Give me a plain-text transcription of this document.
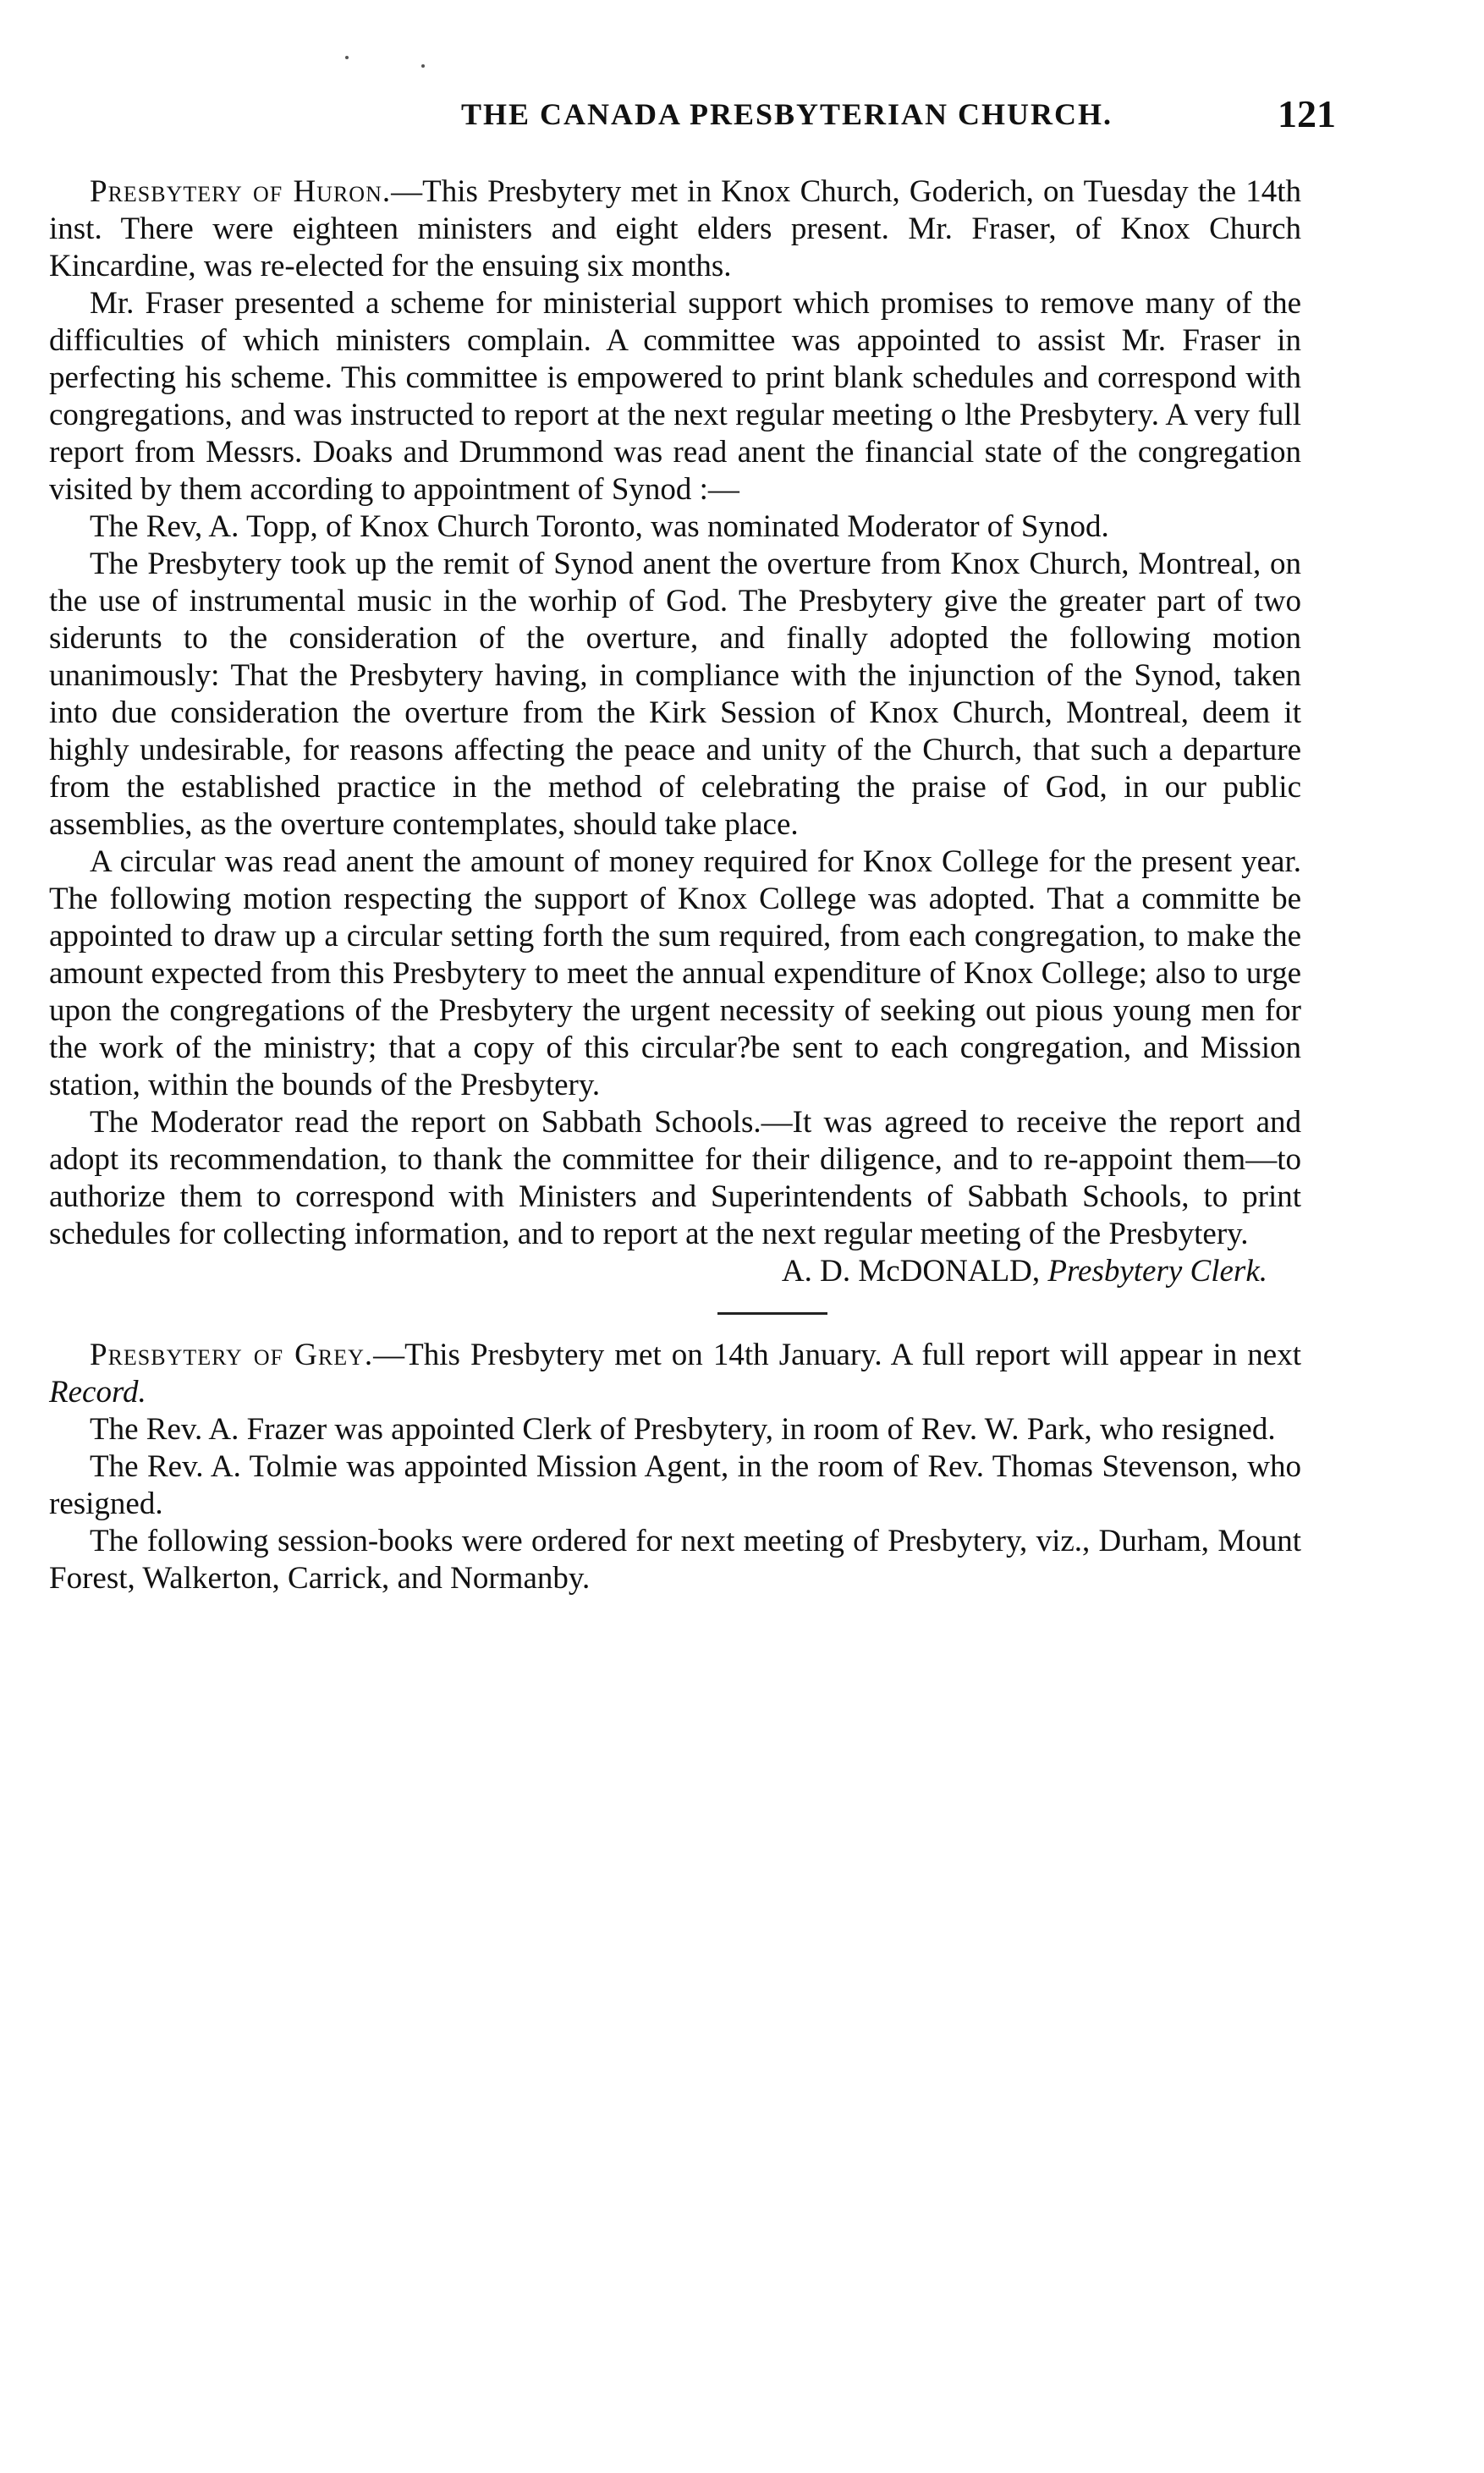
THE CANADA PRESBYTERIAN CHURCH.	121

Presbytery of Huron.—This Presbytery met in Knox Church, Goderich, on Tuesday the 14th inst. There were eighteen ministers and eight elders present. Mr. Fraser, of Knox Church Kincardine, was re-elected for the ensuing six months.

Mr. Fraser presented a scheme for ministerial support which promises to remove many of the difficulties of which ministers complain. A committee was appointed to assist Mr. Fraser in perfecting his scheme. This committee is empowered to print blank schedules and correspond with congregations, and was instructed to report at the next regular meeting o lthe Presbytery. A very full report from Messrs. Doaks and Drummond was read anent the financial state of the congregation visited by them according to appointment of Synod :—

The Rev, A. Topp, of Knox Church Toronto, was nominated Moderator of Synod.

The Presbytery took up the remit of Synod anent the overture from Knox Church, Montreal, on the use of instrumental music in the worhip of God. The Presbytery give the greater part of two siderunts to the consideration of the overture, and finally adopted the following motion unanimously: That the Presbytery having, in compliance with the injunction of the Synod, taken into due consideration the overture from the Kirk Session of Knox Church, Montreal, deem it highly undesirable, for reasons affecting the peace and unity of the Church, that such a departure from the established practice in the method of celebrating the praise of God, in our public assemblies, as the overture contemplates, should take place.

A circular was read anent the amount of money required for Knox College for the present year. The following motion respecting the support of Knox College was adopted. That a committe be appointed to draw up a circular setting forth the sum required, from each congregation, to make the amount expected from this Presbytery to meet the annual expenditure of Knox College; also to urge upon the congregations of the Presbytery the urgent necessity of seeking out pious young men for the work of the ministry; that a copy of this circular?be sent to each congregation, and Mission station, within the bounds of the Presbytery.

The Moderator read the report on Sabbath Schools.—It was agreed to receive the report and adopt its recommendation, to thank the committee for their diligence, and to re-appoint them—to authorize them to correspond with Ministers and Superintendents of Sabbath Schools, to print schedules for collecting information, and to report at the next regular meeting of the Presbytery.

A. D. McDONALD, Presbytery Clerk.

Presbytery of Grey.—This Presbytery met on 14th January. A full report will appear in next Record.

The Rev. A. Frazer was appointed Clerk of Presbytery, in room of Rev. W. Park, who resigned.

The Rev. A. Tolmie was appointed Mission Agent, in the room of Rev. Thomas Stevenson, who resigned.

The following session-books were ordered for next meeting of Presbytery, viz., Durham, Mount Forest, Walkerton, Carrick, and Normanby.
